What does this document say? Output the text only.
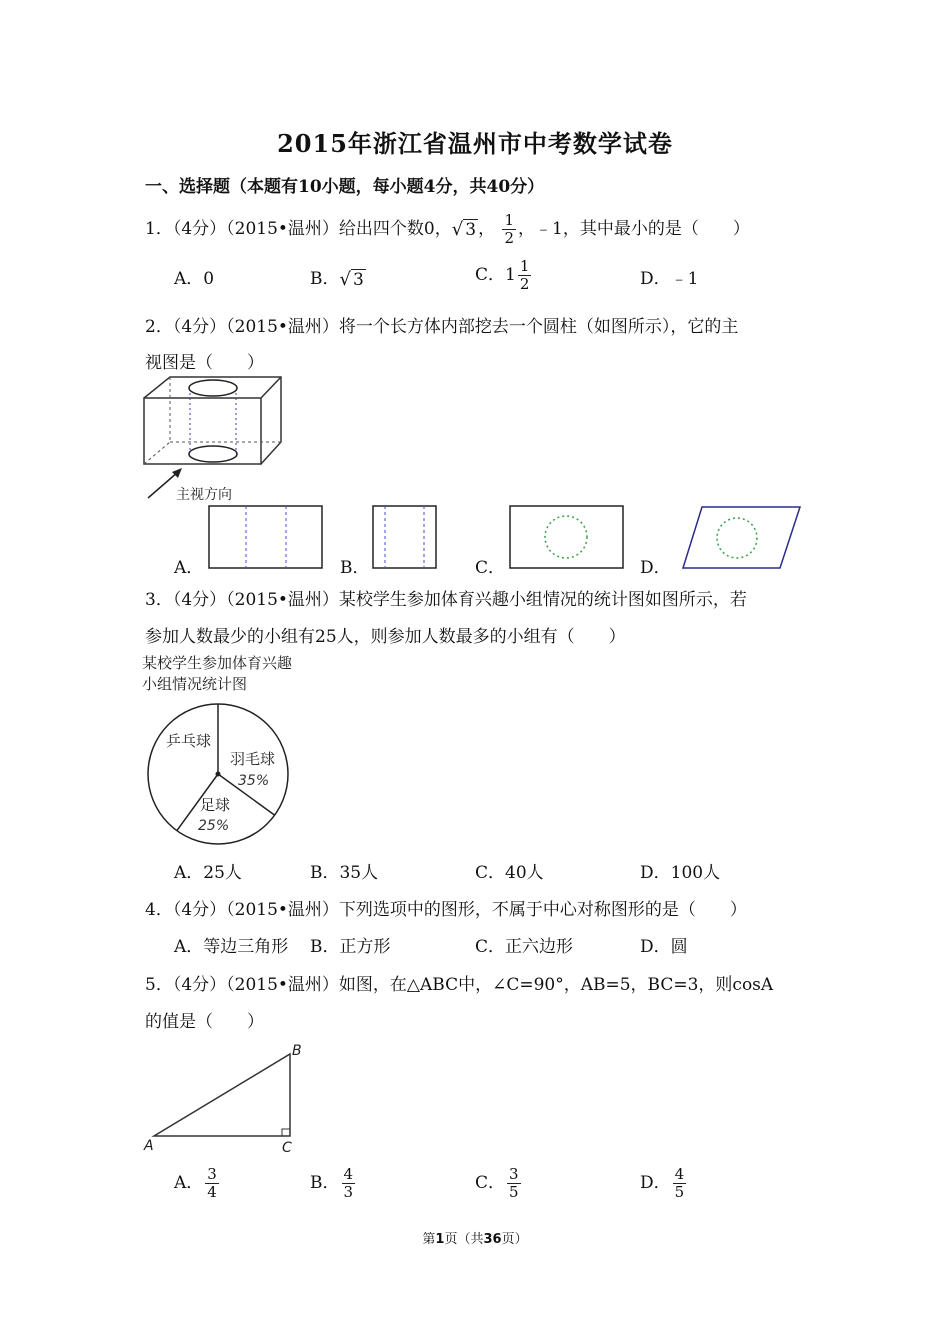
2015年浙江省温州市中考数学试卷
一、选择题（本题有10小题，每小题4分，共40分）
1．（4分）（2015•温州）给出四个数0，√ 3 ， $\frac{1}{2}$ ，﹣1，其中最小的是（　　）
A．0	B．√ 3	C．$1 \frac{1}{2}$	D．﹣1
2．（4分）（2015•温州）将一个长方体内部挖去一个圆柱（如图所示），它的主
视图是（　　）
主视方向
A．	B．	C．	D．
3．（4分）（2015•温州）某校学生参加体育兴趣小组情况的统计图如图所示，若
参加人数最少的小组有25人，则参加人数最多的小组有（　　）
某校学生参加体育兴趣
小组情况统计图
乒乓球
羽毛球
35%
足球
25%
A．25人	B．35人	C．40人	D．100人
4．（4分）（2015•温州）下列选项中的图形，不属于中心对称图形的是（　　）
A．等边三角形 B．正方形	C．正六边形	D．圆
5．（4分）（2015•温州）如图，在△ABC中，∠C=90°，AB=5，BC=3，则cosA
的值是（　　）
A
B
C
A． $\frac{3}{4}$	B． $\frac{4}{3}$	C． $\frac{3}{5}$	D． $\frac{4}{5}$
第1页（共36页）
